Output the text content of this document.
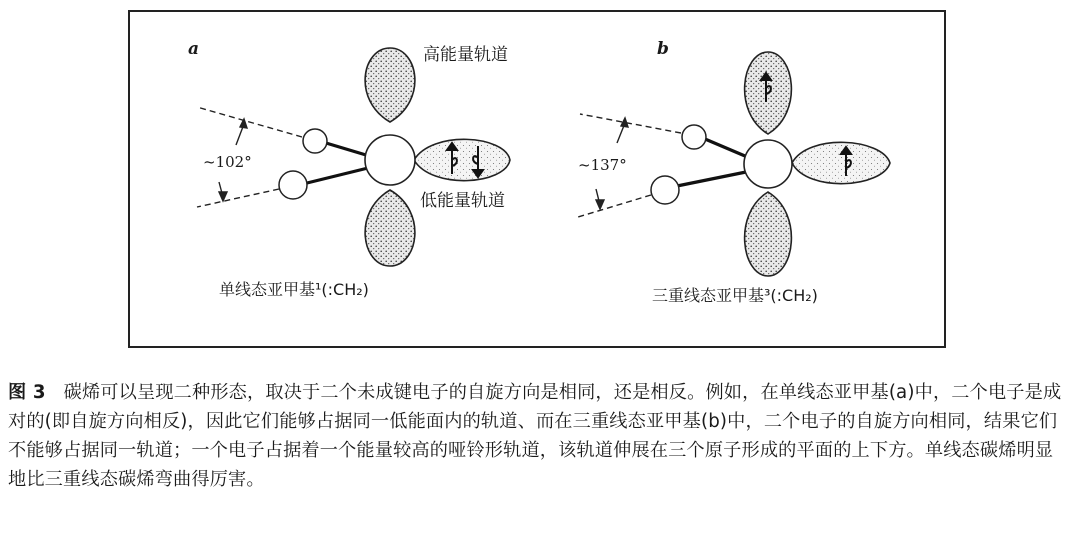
a	高能量轨道
低能量轨道
~102°
单线态亚甲基¹(:CH₂)
b
~137°
三重线态亚甲基³(:CH₂)
图 3 碳烯可以呈现二种形态，取决于二个未成键电子的自旋方向是相同，还是相反。例如，在单线态亚甲基(a)中，二个电子是成对的(即自旋方向相反)，因此它们能够占据同一低能面内的轨道、而在三重线态亚甲基(b)中，二个电子的自旋方向相同，结果它们不能够占据同一轨道；一个电子占据着一个能量较高的哑铃形轨道，该轨道伸展在三个原子形成的平面的上下方。单线态碳烯明显地比三重线态碳烯弯曲得厉害。
